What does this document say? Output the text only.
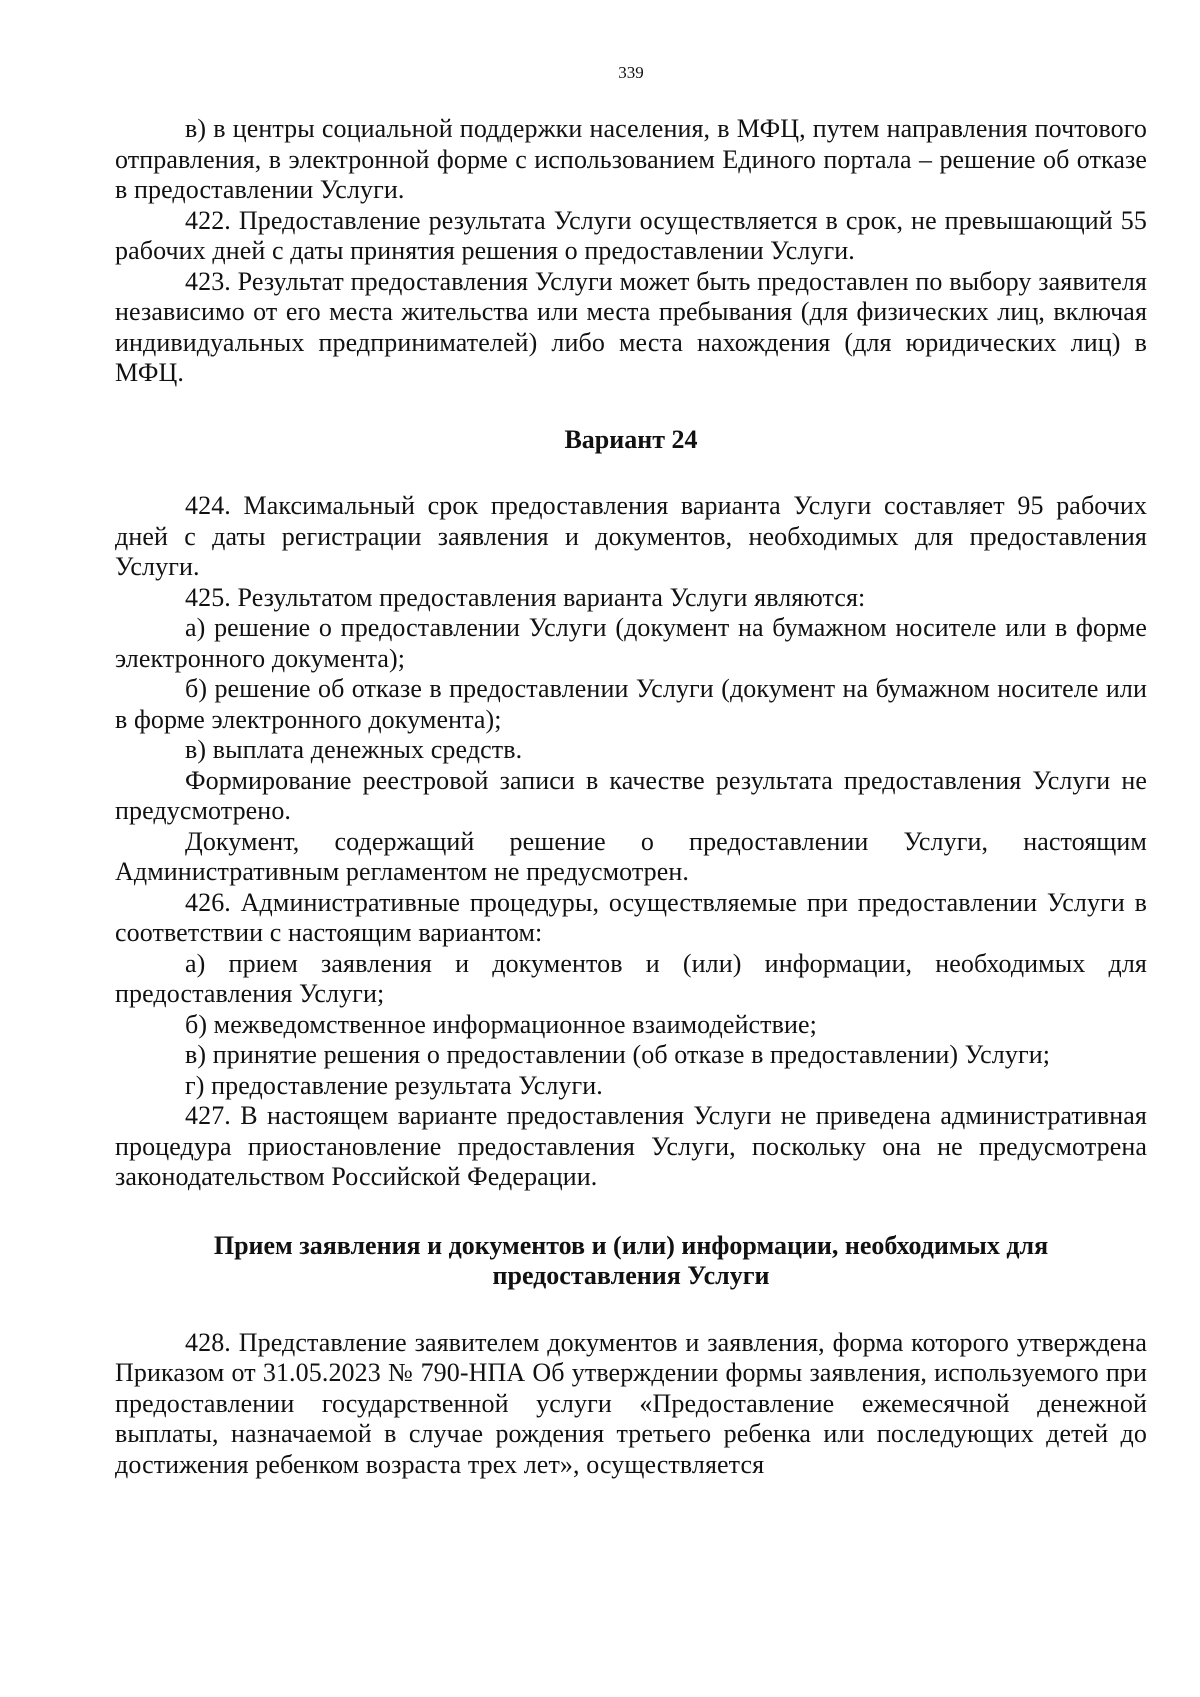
339

в) в центры социальной поддержки населения, в МФЦ, путем направления почтового отправления, в электронной форме с использованием Единого портала – решение об отказе в предоставлении Услуги.

422. Предоставление результата Услуги осуществляется в срок, не превышающий 55 рабочих дней с даты принятия решения о предоставлении Услуги.

423. Результат предоставления Услуги может быть предоставлен по выбору заявителя независимо от его места жительства или места пребывания (для физических лиц, включая индивидуальных предпринимателей) либо места нахождения (для юридических лиц) в МФЦ.

Вариант 24

424. Максимальный срок предоставления варианта Услуги составляет 95 рабочих дней с даты регистрации заявления и документов, необходимых для предоставления Услуги.

425. Результатом предоставления варианта Услуги являются:

а) решение о предоставлении Услуги (документ на бумажном носителе или в форме электронного документа);

б) решение об отказе в предоставлении Услуги (документ на бумажном носителе или в форме электронного документа);

в) выплата денежных средств.

Формирование реестровой записи в качестве результата предоставления Услуги не предусмотрено.

Документ, содержащий решение о предоставлении Услуги, настоящим Административным регламентом не предусмотрен.

426. Административные процедуры, осуществляемые при предоставлении Услуги в соответствии с настоящим вариантом:

а) прием заявления и документов и (или) информации, необходимых для предоставления Услуги;

б) межведомственное информационное взаимодействие;

в) принятие решения о предоставлении (об отказе в предоставлении) Услуги;

г) предоставление результата Услуги.

427. В настоящем варианте предоставления Услуги не приведена административная процедура приостановление предоставления Услуги, поскольку она не предусмотрена законодательством Российской Федерации.

Прием заявления и документов и (или) информации, необходимых для предоставления Услуги

428. Представление заявителем документов и заявления, форма которого утверждена Приказом от 31.05.2023 № 790-НПА Об утверждении формы заявления, используемого при предоставлении государственной услуги «Предоставление ежемесячной денежной выплаты, назначаемой в случае рождения третьего ребенка или последующих детей до достижения ребенком возраста трех лет», осуществляется
